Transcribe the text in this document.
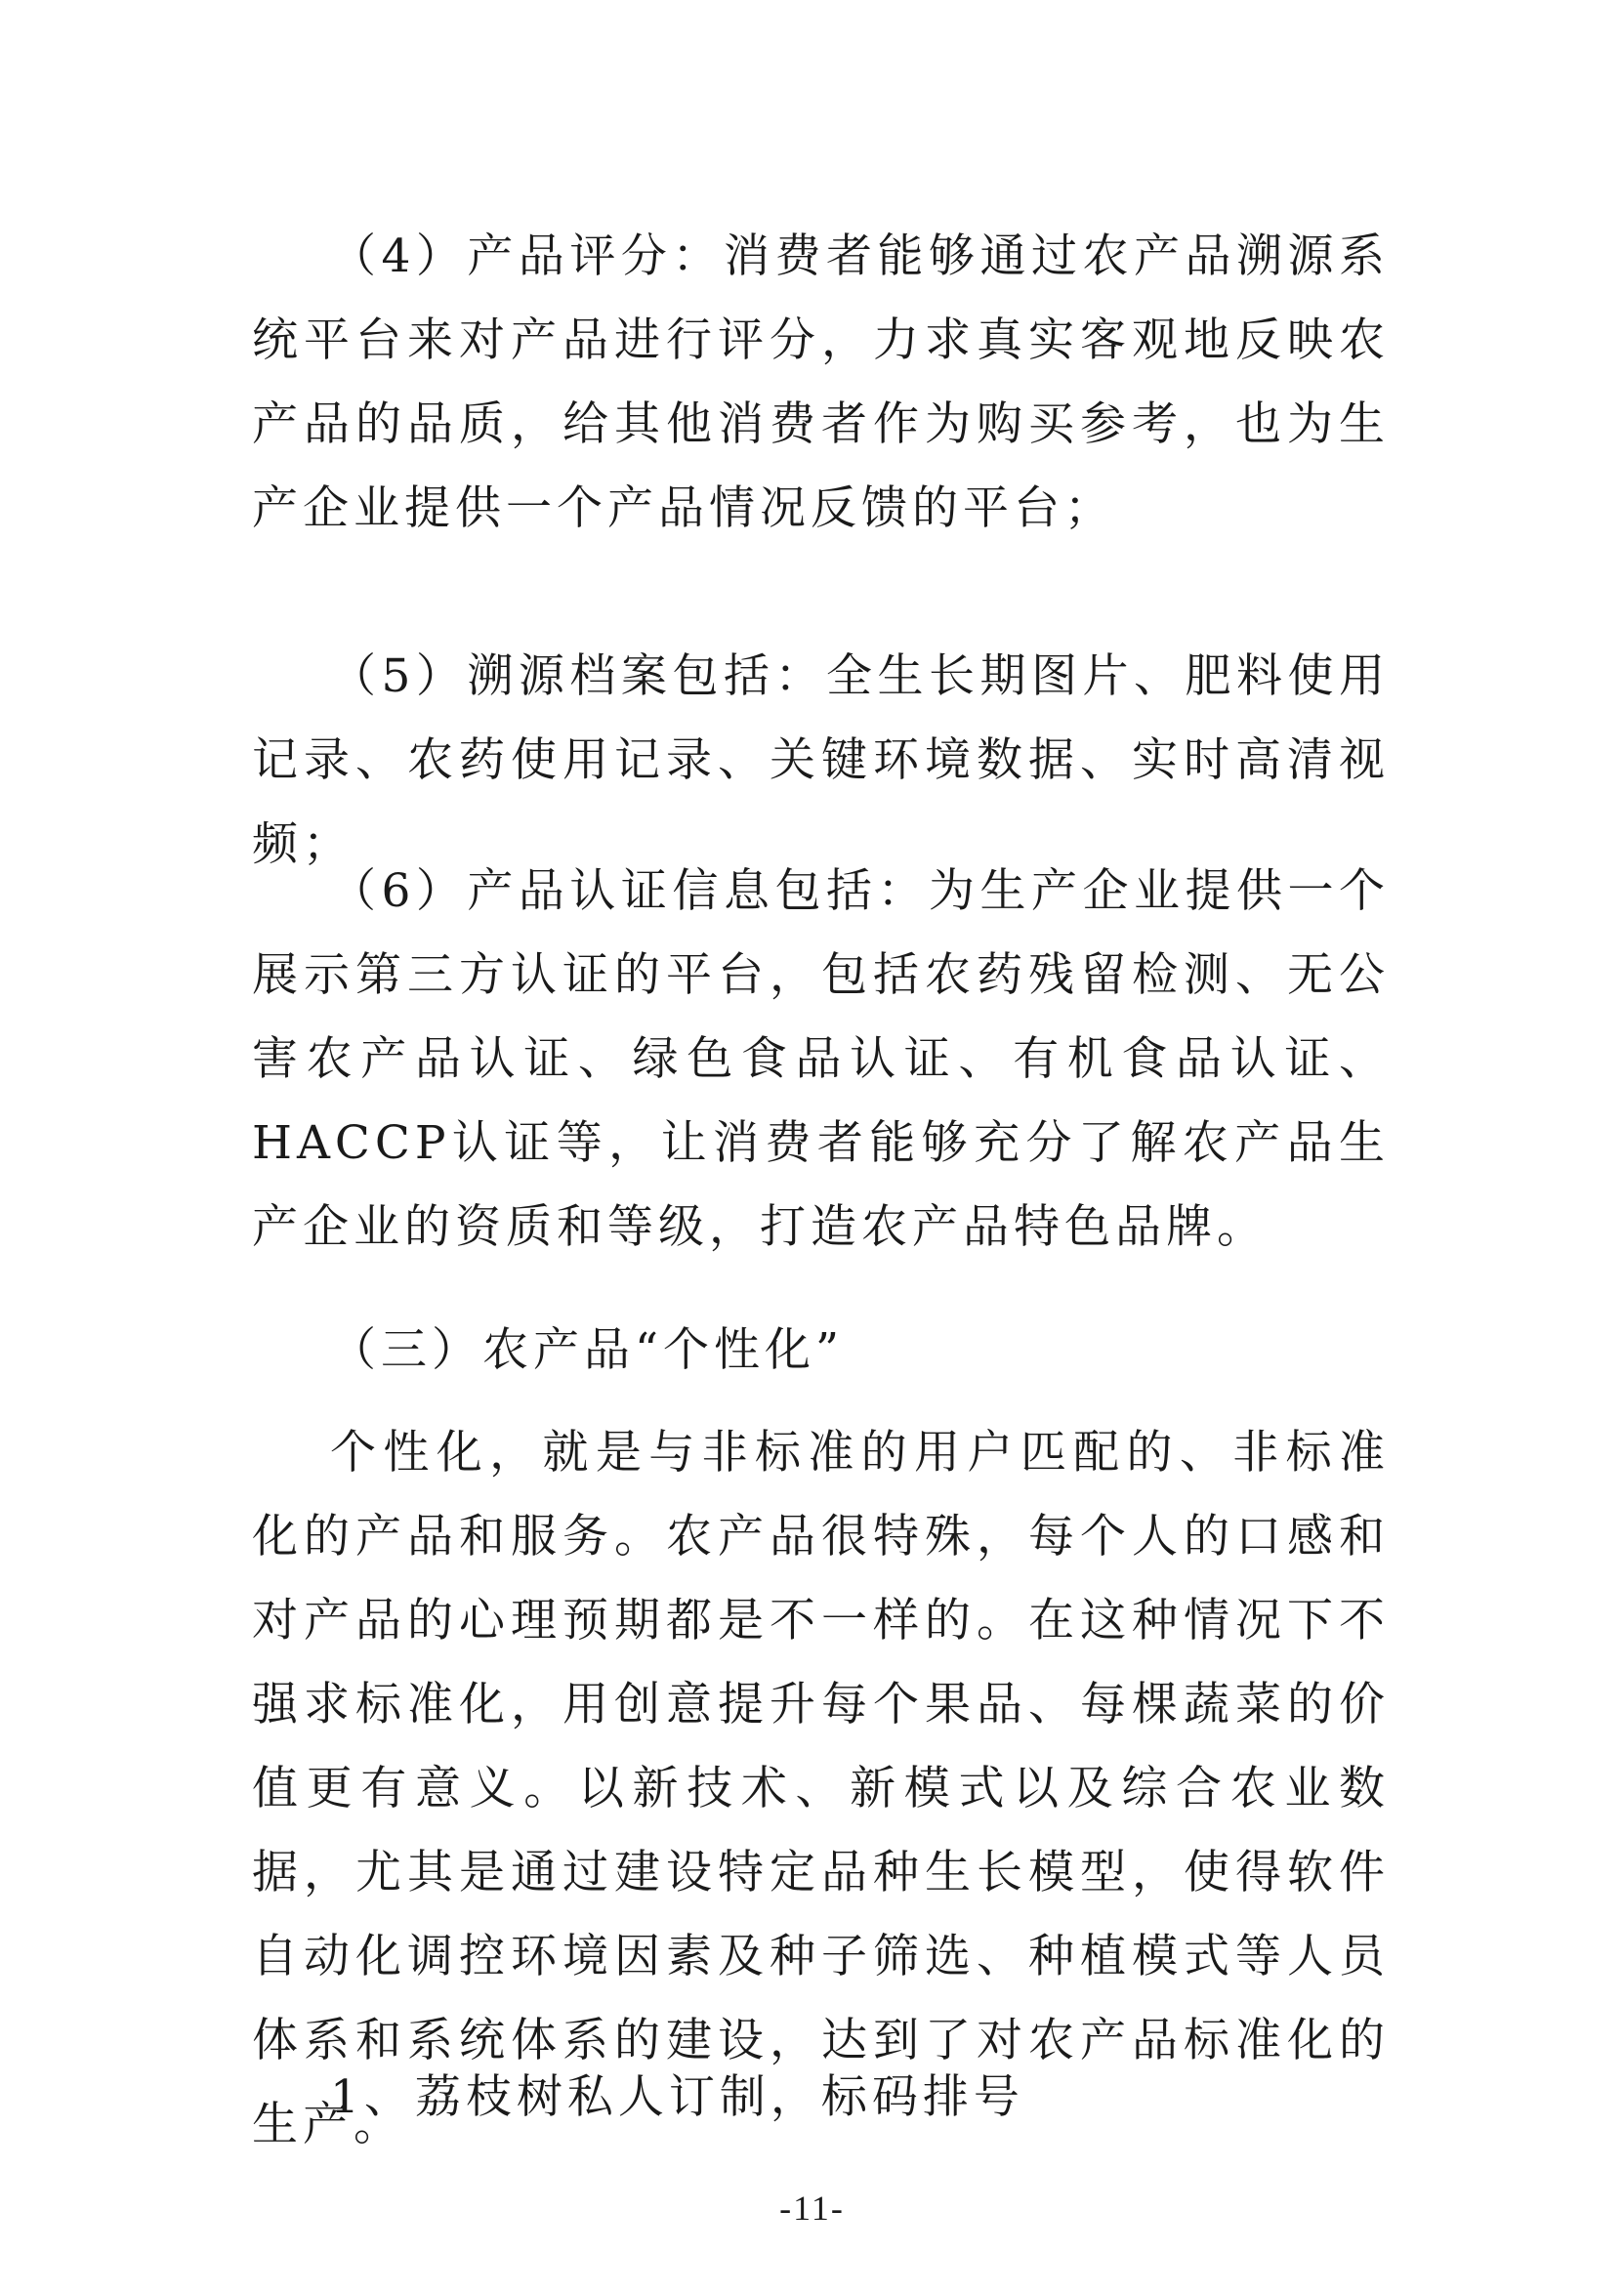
（4）产品评分：消费者能够通过农产品溯源系统平台来对产品进行评分，力求真实客观地反映农产品的品质，给其他消费者作为购买参考，也为生产企业提供一个产品情况反馈的平台；

（5）溯源档案包括：全生长期图片、肥料使用记录、农药使用记录、关键环境数据、实时高清视频；

（6）产品认证信息包括：为生产企业提供一个展示第三方认证的平台，包括农药残留检测、无公害农产品认证、绿色食品认证、有机食品认证、HACCP认证等，让消费者能够充分了解农产品生产企业的资质和等级，打造农产品特色品牌。

（三）农产品“个性化”

个性化，就是与非标准的用户匹配的、非标准化的产品和服务。农产品很特殊，每个人的口感和对产品的心理预期都是不一样的。在这种情况下不强求标准化，用创意提升每个果品、每棵蔬菜的价值更有意义。以新技术、新模式以及综合农业数据，尤其是通过建设特定品种生长模型，使得软件自动化调控环境因素及种子筛选、种植模式等人员体系和系统体系的建设，达到了对农产品标准化的生产。

1、荔枝树私人订制，标码排号

-11-
